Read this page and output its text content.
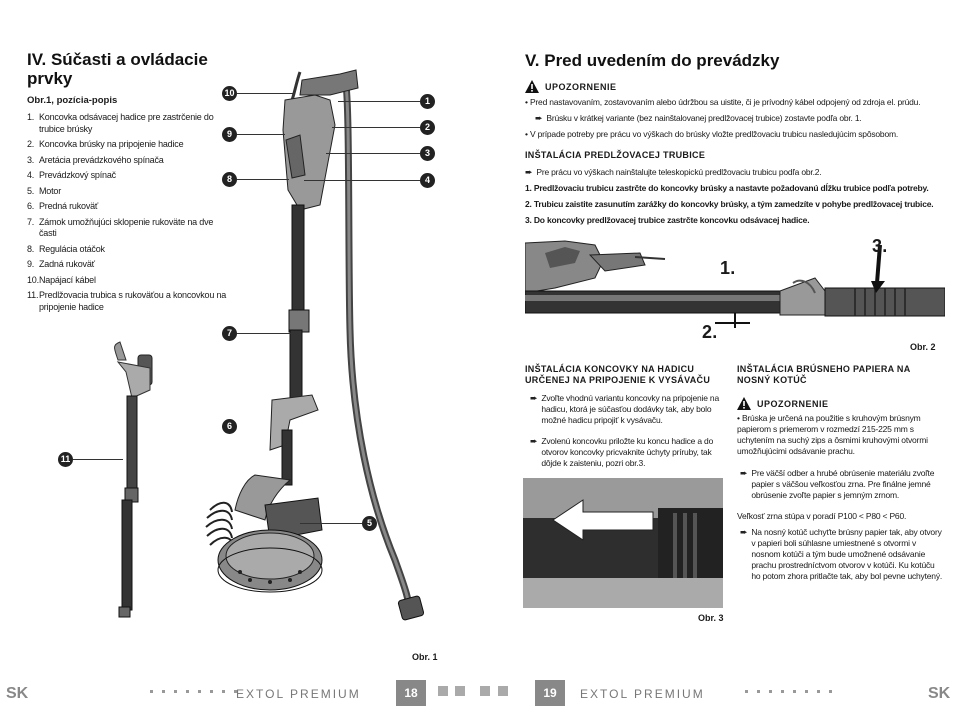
IV. Súčasti a ovládacie prvky
Obr.1, pozícia-popis
1. Koncovka odsávacej hadice pre zastrčenie do trubice brúsky
2. Koncovka brúsky na pripojenie hadice
3. Aretácia prevádzkového spínača
4. Prevádzkový spínač
5. Motor
6. Predná rukoväť
7. Zámok umožňujúci sklopenie rukoväte na dve časti
8. Regulácia otáčok
9. Zadná rukoväť
10. Napájací kábel
11. Predlžovacia trubica s rukoväťou a koncovkou na pripojenie hadice
1
2
3
4
5
6
7
8
9
10
11
Obr. 1
SK	EXTOL PREMIUM	18
V. Pred uvedením do prevádzky
UPOZORNENIE
• Pred nastavovaním, zostavovaním alebo údržbou sa uistite, či je prívodný kábel odpojený od zdroja el. prúdu.
➨ Brúsku v krátkej variante (bez nainštalovanej predlžovacej trubice) zostavte podľa obr. 1.
• V prípade potreby pre prácu vo výškach do brúsky vložte predlžovaciu trubicu nasledujúcim spôsobom.
INŠTALÁCIA PREDLŽOVACEJ TRUBICE
➨ Pre prácu vo výškach nainštalujte teleskopickú predlžovaciu trubicu podľa obr.2.
1. Predlžovaciu trubicu zastrčte do koncovky brúsky a nastavte požadovanú dĺžku trubice podľa potreby.
2. Trubicu zaistite zasunutím zarážky do koncovky brúsky, a tým zamedzíte v pohybe predlžovacej trubice.
3. Do koncovky predlžovacej trubice zastrčte koncovku odsávacej hadice.
1.
2.
3.
Obr. 2
INŠTALÁCIA KONCOVKY NA HADICU URČENEJ NA PRIPOJENIE K VYSÁVAČU
➨ Zvoľte vhodnú variantu koncovky na pripojenie na hadicu, ktorá je súčasťou dodávky tak, aby bolo možné hadicu pripojiť k vysávaču.
➨ Zvolenú koncovku priložte ku koncu hadice a do otvorov koncovky pricvaknite úchyty príruby, tak dôjde k zaisteniu, pozri obr.3.
Obr. 3
INŠTALÁCIA BRÚSNEHO PAPIERA NA NOSNÝ KOTÚČ
UPOZORNENIE
• Brúska je určená na použitie s kruhovým brúsnym papierom s priemerom v rozmedzí 215-225 mm s uchytením na suchý zips a ôsmimi kruhovými otvormi umožňujúcimi odsávanie prachu.
➨ Pre väčší odber a hrubé obrúsenie materiálu zvoľte papier s väčšou veľkosťou zrna. Pre finálne jemné obrúsenie zvoľte papier s jemným zrnom.
Veľkosť zrna stúpa v poradí P100 < P80 < P60.
➨ Na nosný kotúč uchyťte brúsny papier tak, aby otvory v papieri boli súhlasne umiestnené s otvormi v nosnom kotúči a tým bude umožnené odsávanie prachu prostredníctvom otvorov v kotúči. Ku kotúču ho potom zhora pritlačte tak, aby bol pevne uchytený.
19	EXTOL PREMIUM	SK
